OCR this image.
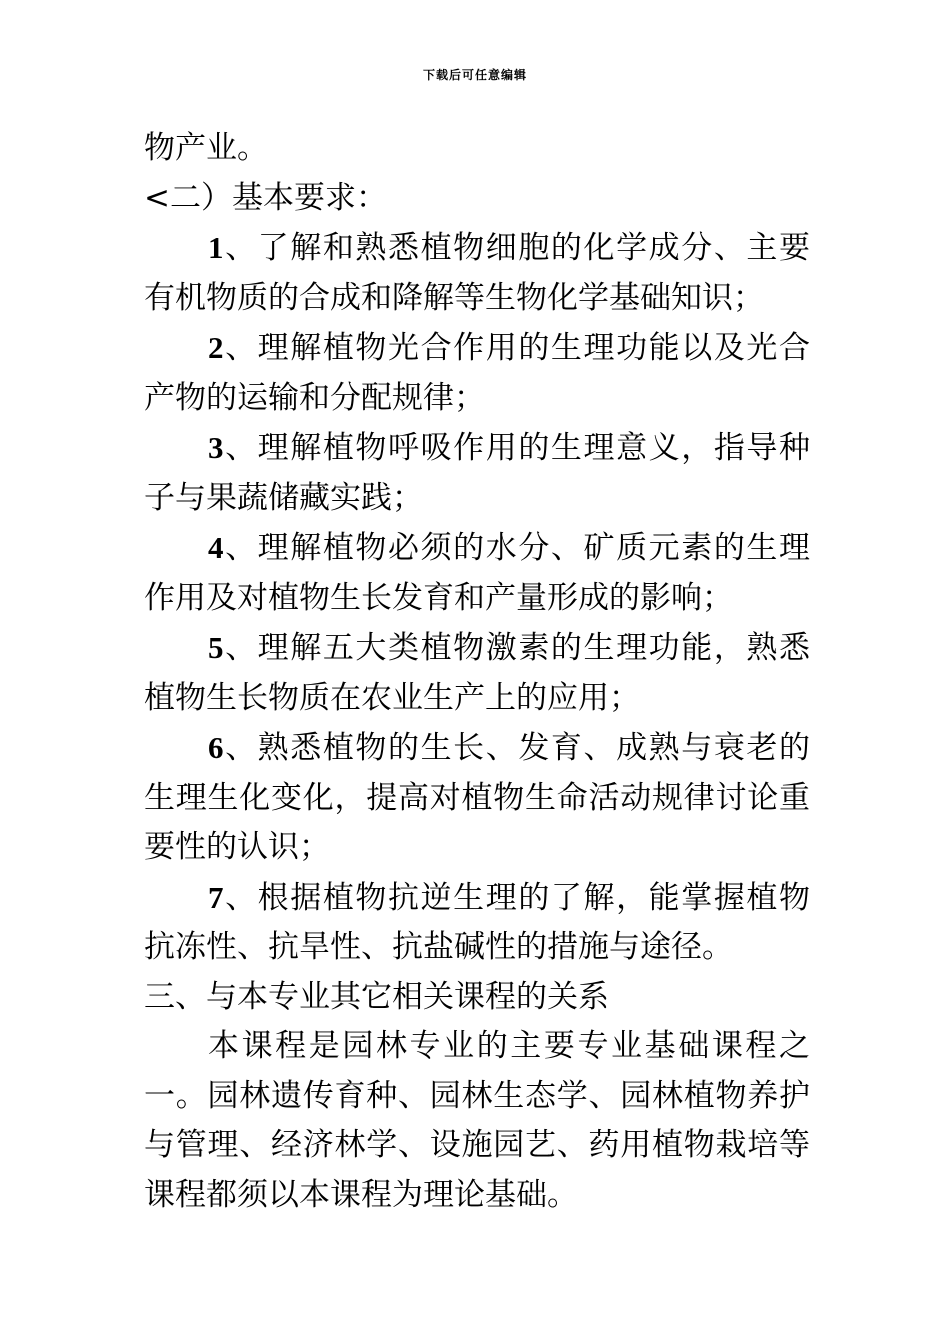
下载后可任意编辑

物产业。

<二）基本要求：

1、了解和熟悉植物细胞的化学成分、主要有机物质的合成和降解等生物化学基础知识；

2、理解植物光合作用的生理功能以及光合产物的运输和分配规律；

3、理解植物呼吸作用的生理意义，指导种子与果蔬储藏实践；

4、理解植物必须的水分、矿质元素的生理作用及对植物生长发育和产量形成的影响；

5、理解五大类植物激素的生理功能，熟悉植物生长物质在农业生产上的应用；

6、熟悉植物的生长、发育、成熟与衰老的生理生化变化，提高对植物生命活动规律讨论重要性的认识；

7、根据植物抗逆生理的了解，能掌握植物抗冻性、抗旱性、抗盐碱性的措施与途径。

三、与本专业其它相关课程的关系

本课程是园林专业的主要专业基础课程之一。园林遗传育种、园林生态学、园林植物养护与管理、经济林学、设施园艺、药用植物栽培等课程都须以本课程为理论基础。
